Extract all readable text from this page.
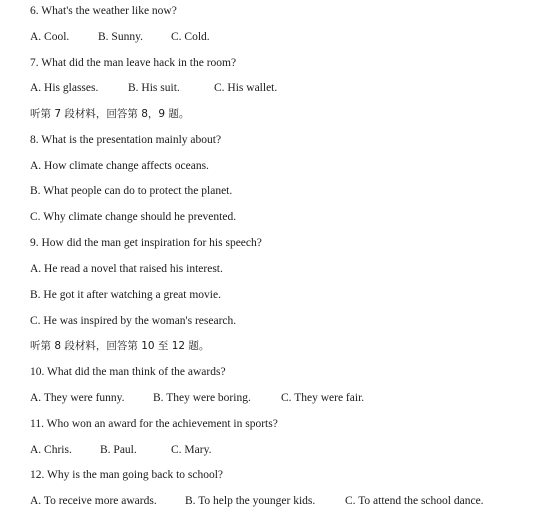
6. What's the weather like now?
A. Cool. B. Sunny. C. Cold.
7. What did the man leave hack in the room?
A. His glasses.	B. His suit.	C. His wallet.
听第 7 段材料，回答第 8，9 题。
8. What is the presentation mainly about?
A. How climate change affects oceans.
B. What people can do to protect the planet.
C. Why climate change should he prevented.
9. How did the man get inspiration for his speech?
A. He read a novel that raised his interest.
B. He got it after watching a great movie.
C. He was inspired by the woman's research.
听第 8 段材料，回答第 10 至 12 题。
10. What did the man think of the awards?
A. They were funny. B. They were boring.	C. They were fair.
11. Who won an award for the achievement in sports?
A. Chris. B. Paul.	C. Mary.
12. Why is the man going back to school?
A. To receive more awards. B. To help the younger kids.	C. To attend the school dance.
